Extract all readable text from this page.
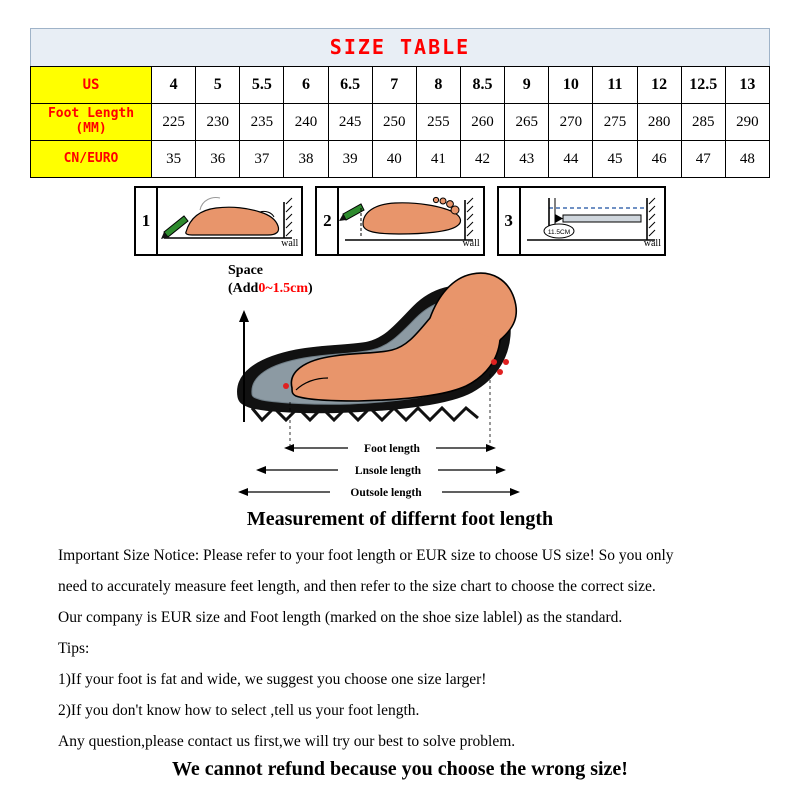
SIZE TABLE
US	4	5	5.5	6	6.5	7	8	8.5	9	10	11	12	12.5	13

Foot Length
(MM)	225	230	235	240	245	250	255	260	265	270	275	280	285	290
CN/EURO	35	36	37	38	39	40	41	42	43	44	45	46	47	48
1
wall
2
wall
3
11.5CM
wall
Space
(Add0~1.5cm)
Foot length
Lnsole length
Outsole length
Measurement of differnt foot length

Important Size Notice: Please refer to your foot length or EUR size to choose US size! So you only

need to accurately measure feet length, and then refer to the size chart to choose the correct size.

Our company is EUR size and Foot length (marked on the shoe size lablel) as the standard.

Tips:

1)If your foot is fat and wide, we suggest you choose one size larger!

2)If you don't know how to select ,tell us your foot length.

Any question,please contact us first,we will try our best to solve problem.

We cannot refund because you choose the wrong size!
